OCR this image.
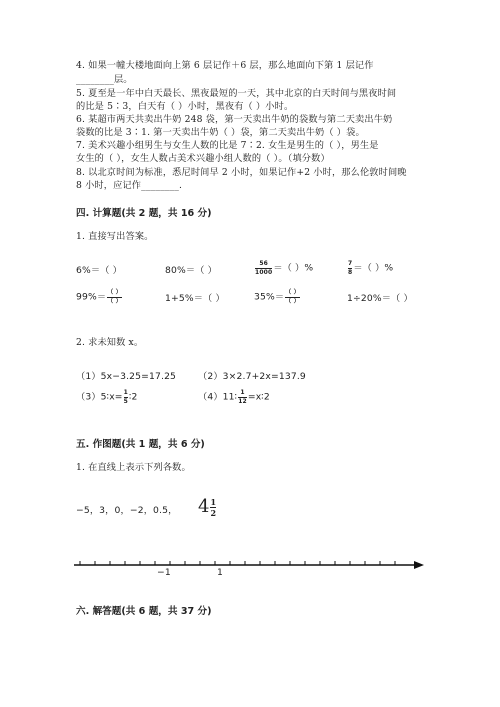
4. 如果一幢大楼地面向上第 6 层记作＋6 层，那么地面向下第 1 层记作
________层。
5. 夏至是一年中白天最长、黑夜最短的一天，其中北京的白天时间与黑夜时间
的比是 5∶3，白天有（ ）小时，黑夜有（ ）小时。
6. 某超市两天共卖出牛奶 248 袋，第一天卖出牛奶的袋数与第二天卖出牛奶
袋数的比是 3∶1. 第一天卖出牛奶（ ）袋，第二天卖出牛奶（ ）袋。
7. 美术兴趣小组男生与女生人数的比是 7∶2. 女生是男生的（ ），男生是
女生的（ ），女生人数占美术兴趣小组人数的（ ）。（填分数）
8. 以北京时间为标准，悉尼时间早 2 小时，如果记作+2 小时，那么伦敦时间晚
8 小时，应记作________.
四. 计算题(共 2 题，共 16 分)
1. 直接写出答案。
6%＝（ ）	80%＝（ ）	$\frac{56}{1000}$ ＝（ ）%	$\frac{7}{8}$ ＝（ ）%
$99\%= \frac{( )}{( )}$	1+5%＝（ ）	$35\%= \frac{( )}{( )}$	1÷20%＝（ ）
2. 求未知数 x。
（1）5x−3.25=17.25 （2）3×2.7+2x=137.9
（3）5∶x= $\frac{1}{5}$ ∶2	（4）11∶ $\frac{1}{12}$ =x∶2
五. 作图题(共 1 题，共 6 分)
1. 在直线上表示下列各数。
−5，3，0，−2，0.5， $4 \frac{1}{2}$
−1	1
六. 解答题(共 6 题，共 37 分)
